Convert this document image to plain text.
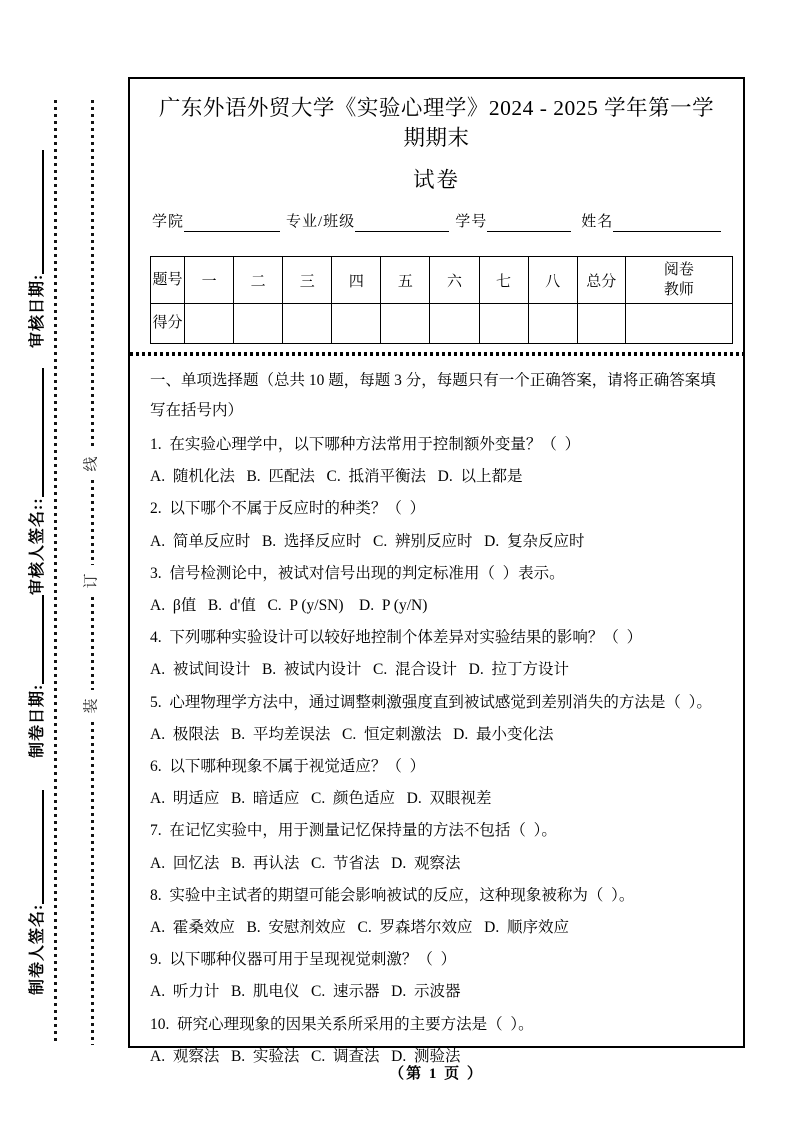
审核日期:
审核人签名::
制卷日期:
制卷人签名:
线
订
装
广东外语外贸大学《实验心理学》2024 - 2025 学年第一学期期末
试卷
学院	专业/班级	学号	姓名
题号	一	二	三	四	五	六	七	八	总分	阅卷教师
得分										

一、单项选择题（总共 10 题，每题 3 分，每题只有一个正确答案，请将正确答案填写在括号内）

1.  在实验心理学中，以下哪种方法常用于控制额外变量？（  ）

A.  随机化法   B.  匹配法   C.  抵消平衡法   D.  以上都是

2.  以下哪个不属于反应时的种类？（  ）

A.  简单反应时   B.  选择反应时   C.  辨别反应时   D.  复杂反应时

3.  信号检测论中，被试对信号出现的判定标准用（  ）表示。

A.  β值   B.  d'值   C.  P (y/SN)    D.  P (y/N)

4.  下列哪种实验设计可以较好地控制个体差异对实验结果的影响？（  ）

A.  被试间设计   B.  被试内设计   C.  混合设计   D.  拉丁方设计

5.  心理物理学方法中，通过调整刺激强度直到被试感觉到差别消失的方法是（  ）。

A.  极限法   B.  平均差误法   C.  恒定刺激法   D.  最小变化法

6.  以下哪种现象不属于视觉适应？（  ）

A.  明适应   B.  暗适应   C.  颜色适应   D.  双眼视差

7.  在记忆实验中，用于测量记忆保持量的方法不包括（  ）。

A.  回忆法   B.  再认法   C.  节省法   D.  观察法

8.  实验中主试者的期望可能会影响被试的反应，这种现象被称为（  ）。

A.  霍桑效应   B.  安慰剂效应   C.  罗森塔尔效应   D.  顺序效应

9.  以下哪种仪器可用于呈现视觉刺激？（  ）

A.  听力计   B.  肌电仪   C.  速示器   D.  示波器

10.  研究心理现象的因果关系所采用的主要方法是（  ）。

A.  观察法   B.  实验法   C.  调查法   D.  测验法

（第 1 页 ）
